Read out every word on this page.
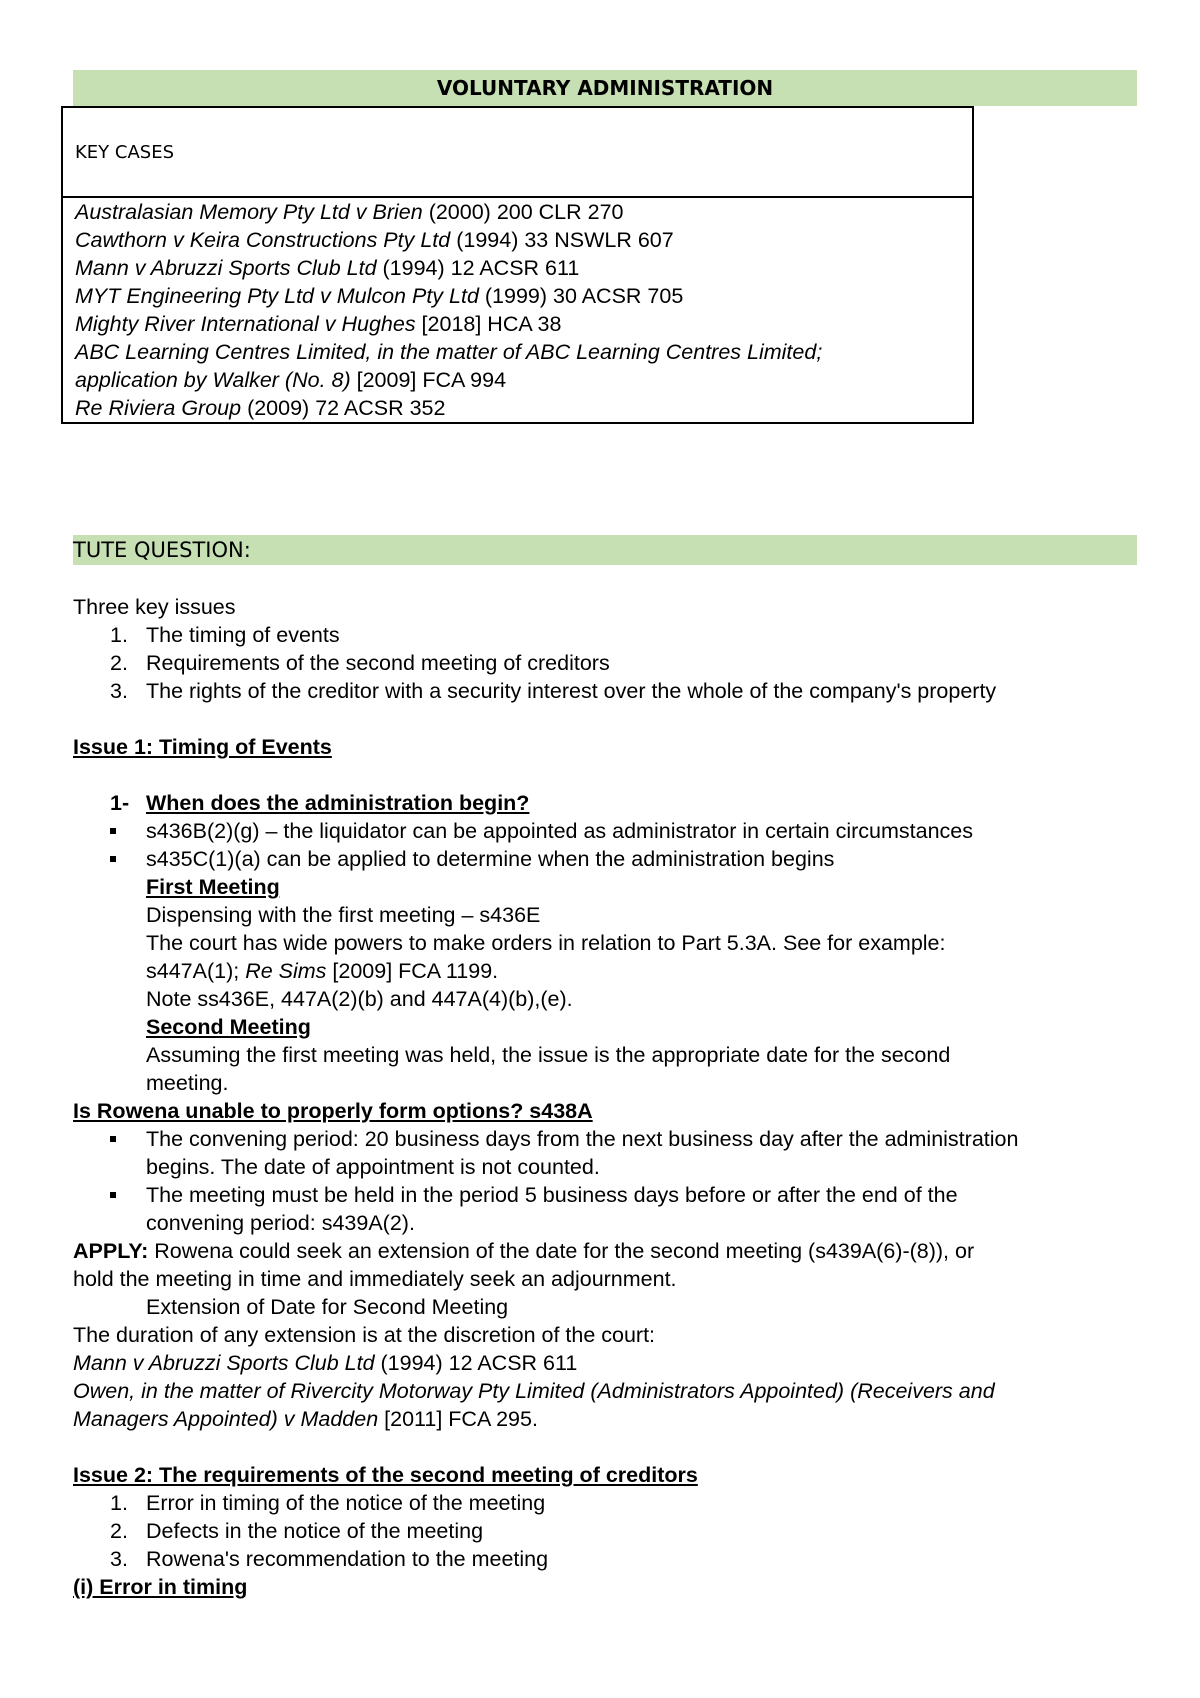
VOLUNTARY ADMINISTRATION
KEY CASES
Australasian Memory Pty Ltd v Brien (2000) 200 CLR 270
Cawthorn v Keira Constructions Pty Ltd (1994) 33 NSWLR 607
Mann v Abruzzi Sports Club Ltd (1994) 12 ACSR 611
MYT Engineering Pty Ltd v Mulcon Pty Ltd (1999) 30 ACSR 705
Mighty River International v Hughes [2018] HCA 38
ABC Learning Centres Limited, in the matter of ABC Learning Centres Limited;
application by Walker (No. 8) [2009] FCA 994
Re Riviera Group (2009) 72 ACSR 352
TUTE QUESTION:
Three key issues
1. The timing of events
2. Requirements of the second meeting of creditors
3. The rights of the creditor with a security interest over the whole of the company's property
Issue 1: Timing of Events
1- When does the administration begin?
s436B(2)(g) – the liquidator can be appointed as administrator in certain circumstances
s435C(1)(a) can be applied to determine when the administration begins
First Meeting
Dispensing with the first meeting – s436E
The court has wide powers to make orders in relation to Part 5.3A. See for example:
s447A(1); Re Sims [2009] FCA 1199.
Note ss436E, 447A(2)(b) and 447A(4)(b),(e).
Second Meeting
Assuming the first meeting was held, the issue is the appropriate date for the second
meeting.
Is Rowena unable to properly form options? s438A
The convening period: 20 business days from the next business day after the administration
begins. The date of appointment is not counted.
The meeting must be held in the period 5 business days before or after the end of the
convening period: s439A(2).
APPLY: Rowena could seek an extension of the date for the second meeting (s439A(6)-(8)), or
hold the meeting in time and immediately seek an adjournment.
Extension of Date for Second Meeting
The duration of any extension is at the discretion of the court:
Mann v Abruzzi Sports Club Ltd (1994) 12 ACSR 611
Owen, in the matter of Rivercity Motorway Pty Limited (Administrators Appointed) (Receivers and
Managers Appointed) v Madden [2011] FCA 295.
Issue 2: The requirements of the second meeting of creditors
1. Error in timing of the notice of the meeting
2. Defects in the notice of the meeting
3. Rowena's recommendation to the meeting
(i) Error in timing
